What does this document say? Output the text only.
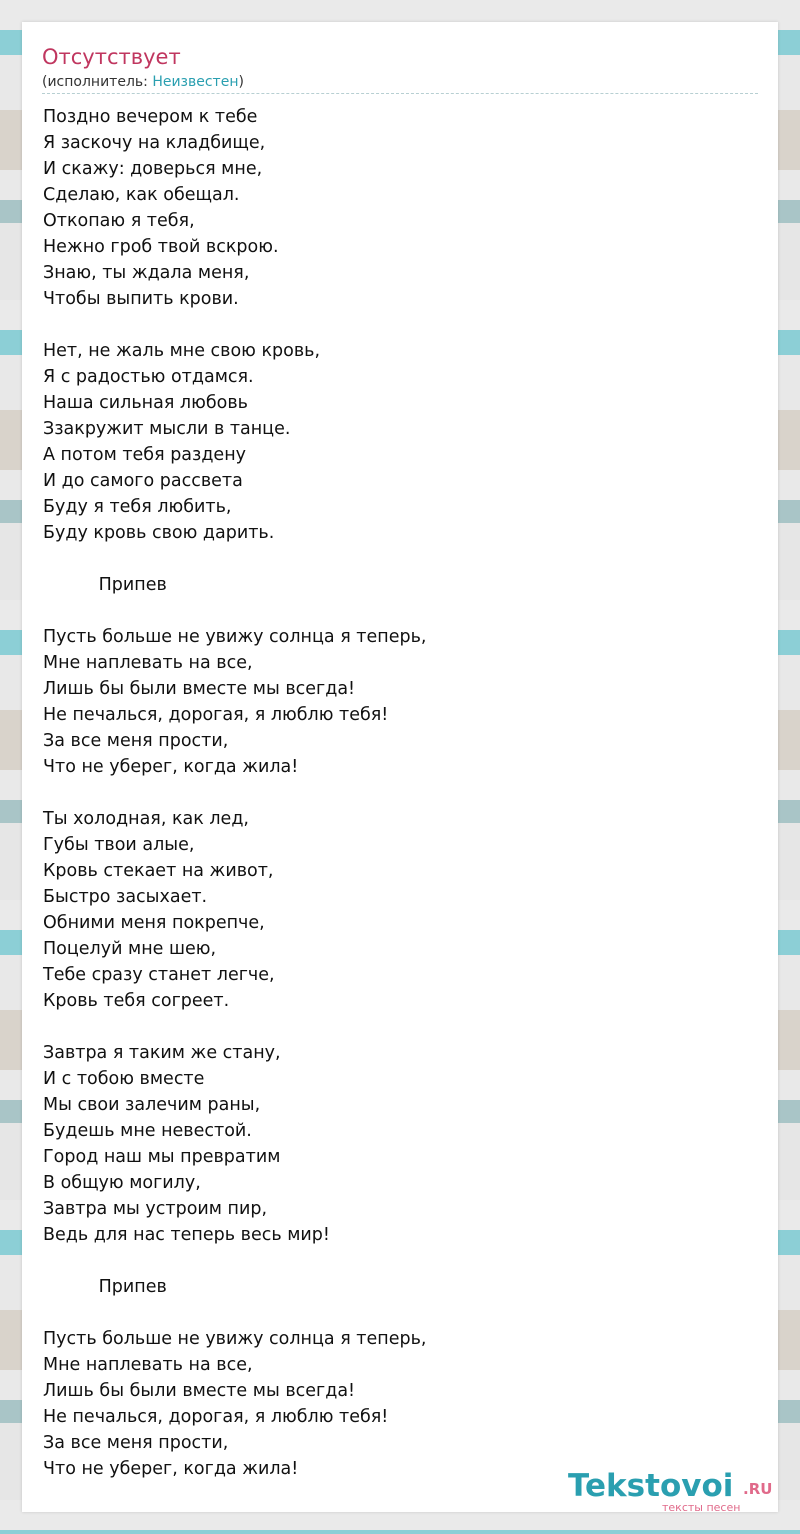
Отсутствует
(исполнитель: Неизвестен)
Поздно вечером к тебе
Я заскочу на кладбище,
И скажу: доверься мне,
Сделаю, как обещал.
Откопаю я тебя,
Нежно гроб твой вскрою.
Знаю, ты ждала меня,
Чтобы выпить крови.
Нет, не жаль мне свою кровь,
Я с радостью отдамся.
Наша сильная любовь
Ззакружит мысли в танце.
А потом тебя раздену
И до самого рассвета
Буду я тебя любить,
Буду кровь свою дарить.
Припев
Пусть больше не увижу солнца я теперь,
Мне наплевать на все,
Лишь бы были вместе мы всегда!
Не печалься, дорогая, я люблю тебя!
За все меня прости,
Что не уберег, когда жила!
Ты холодная, как лед,
Губы твои алые,
Кровь стекает на живот,
Быстро засыхает.
Обними меня покрепче,
Поцелуй мне шею,
Тебе сразу станет легче,
Кровь тебя согреет.
Завтра я таким же стану,
И с тобою вместе
Мы свои залечим раны,
Будешь мне невестой.
Город наш мы превратим
В общую могилу,
Завтра мы устроим пир,
Ведь для нас теперь весь мир!
Припев
Пусть больше не увижу солнца я теперь,
Мне наплевать на все,
Лишь бы были вместе мы всегда!
Не печалься, дорогая, я люблю тебя!
За все меня прости,
Что не уберег, когда жила!	Tekstovoi .RU
тексты песен
